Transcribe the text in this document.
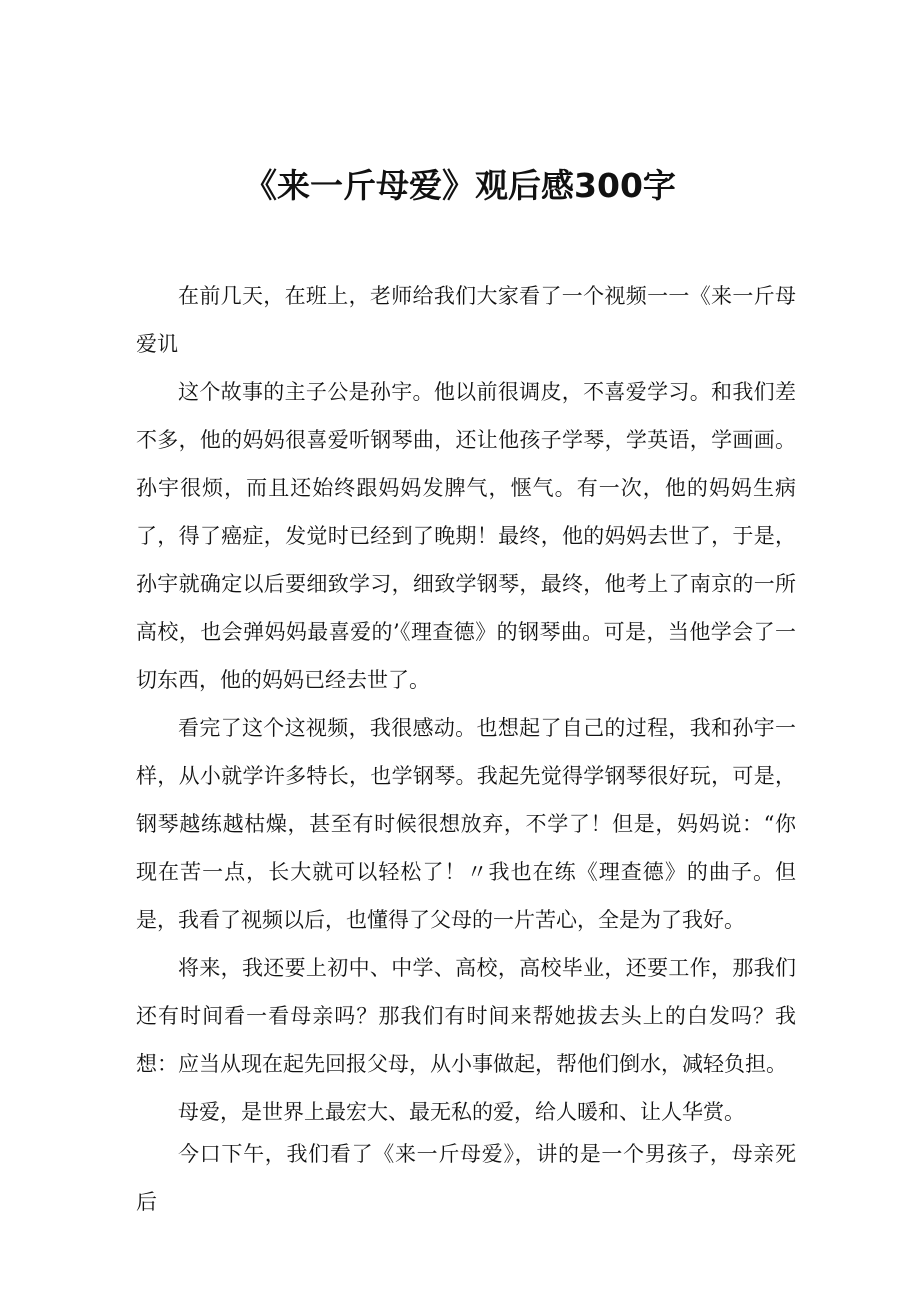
《来一斤母爱》观后感300字

在前几天，在班上，老师给我们大家看了一个视频一一《来一斤母爱讥

这个故事的主子公是孙宇。他以前很调皮，不喜爱学习。和我们差不多，他的妈妈很喜爱听钢琴曲，还让他孩子学琴，学英语，学画画。孙宇很烦，而且还始终跟妈妈发脾气，惬气。有一次，他的妈妈生病了，得了癌症，发觉时已经到了晚期！最终，他的妈妈去世了，于是，孙宇就确定以后要细致学习，细致学钢琴，最终，他考上了南京的一所高校，也会弹妈妈最喜爱的’《理查德》的钢琴曲。可是，当他学会了一切东西，他的妈妈已经去世了。

看完了这个这视频，我很感动。也想起了自己的过程，我和孙宇一样，从小就学许多特长，也学钢琴。我起先觉得学钢琴很好玩，可是，钢琴越练越枯燥，甚至有时候很想放弃，不学了！但是，妈妈说：“你现在苦一点，长大就可以轻松了！〃我也在练《理查德》的曲子。但是，我看了视频以后，也懂得了父母的一片苦心，全是为了我好。

将来，我还要上初中、中学、高校，高校毕业，还要工作，那我们还有时间看一看母亲吗？那我们有时间来帮她拔去头上的白发吗？我想：应当从现在起先回报父母，从小事做起，帮他们倒水，减轻负担。

母爱，是世界上最宏大、最无私的爱，给人暖和、让人华赏。

今口下午，我们看了《来一斤母爱》，讲的是一个男孩子，母亲死后
